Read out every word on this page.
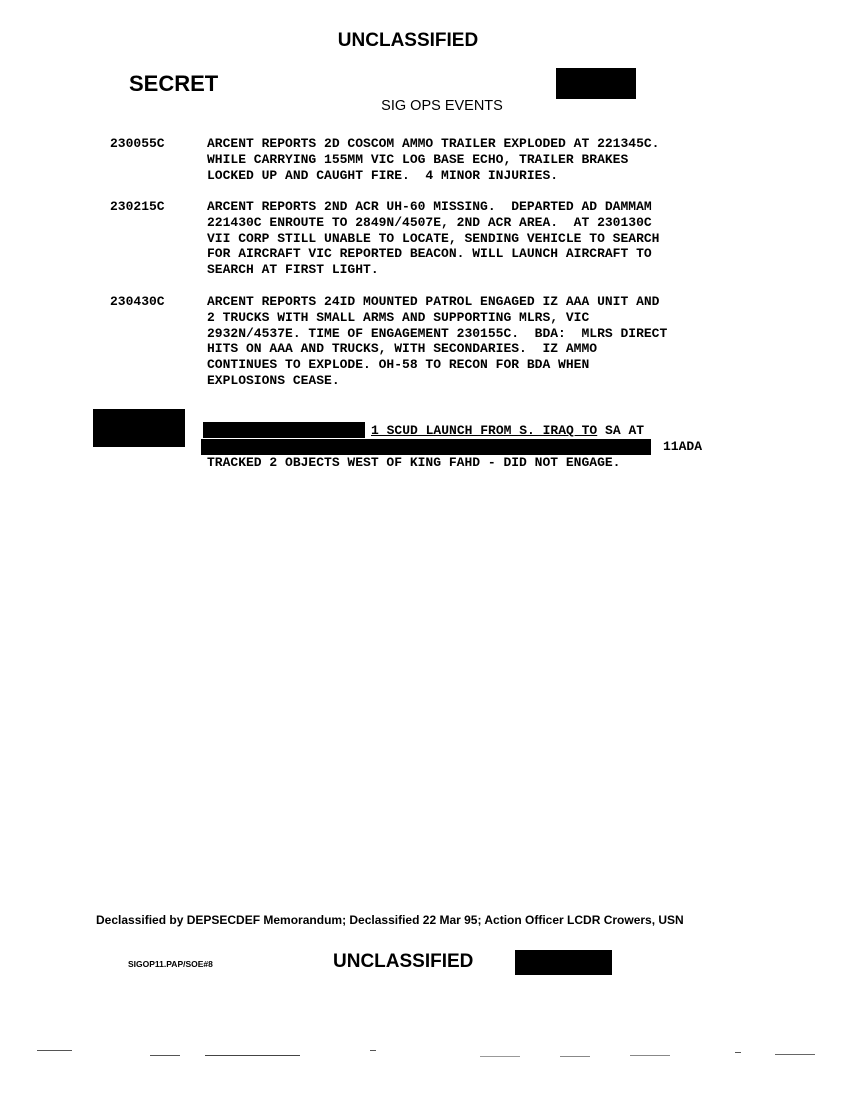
UNCLASSIFIED
SECRET
SIG OPS EVENTS
230055C	ARCENT REPORTS 2D COSCOM AMMO TRAILER EXPLODED AT 221345C.
WHILE CARRYING 155MM VIC LOG BASE ECHO, TRAILER BRAKES
LOCKED UP AND CAUGHT FIRE.  4 MINOR INJURIES.
230215C	ARCENT REPORTS 2ND ACR UH-60 MISSING.  DEPARTED AD DAMMAM
221430C ENROUTE TO 2849N/4507E, 2ND ACR AREA.  AT 230130C
VII CORP STILL UNABLE TO LOCATE, SENDING VEHICLE TO SEARCH
FOR AIRCRAFT VIC REPORTED BEACON. WILL LAUNCH AIRCRAFT TO
SEARCH AT FIRST LIGHT.
230430C	ARCENT REPORTS 24ID MOUNTED PATROL ENGAGED IZ AAA UNIT AND
2 TRUCKS WITH SMALL ARMS AND SUPPORTING MLRS, VIC
2932N/4537E. TIME OF ENGAGEMENT 230155C.  BDA:  MLRS DIRECT
HITS ON AAA AND TRUCKS, WITH SECONDARIES.  IZ AMMO
CONTINUES TO EXPLODE. OH-58 TO RECON FOR BDA WHEN
EXPLOSIONS CEASE.
1 SCUD LAUNCH FROM S. IRAQ TO SA AT
11ADA
TRACKED 2 OBJECTS WEST OF KING FAHD - DID NOT ENGAGE.
Declassified by DEPSECDEF Memorandum; Declassified 22 Mar 95; Action Officer LCDR Crowers, USN
SIGOP11.PAP/SOE#8	UNCLASSIFIED
